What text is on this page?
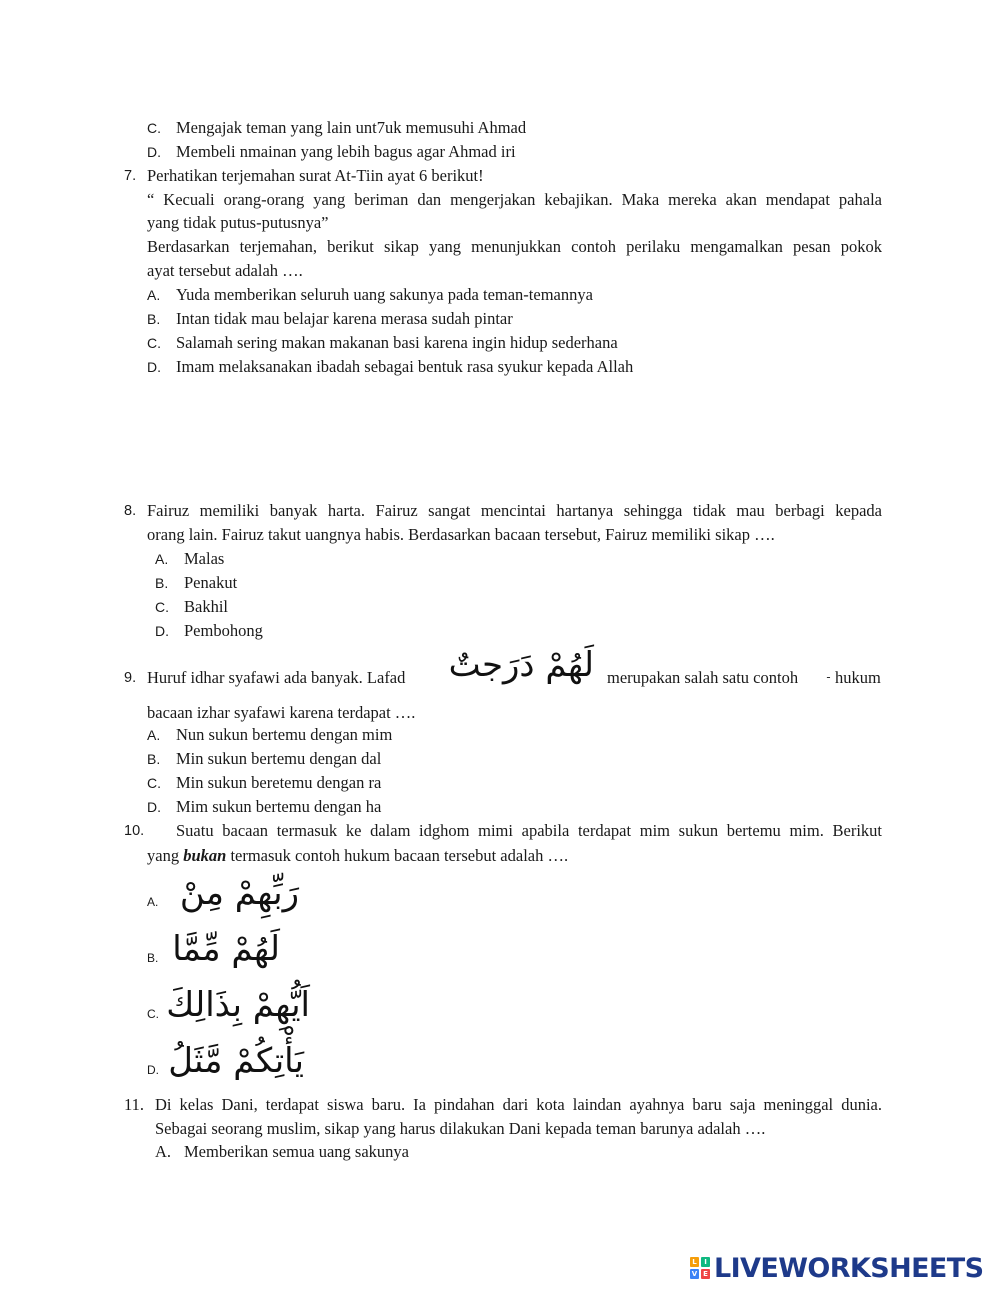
C. Mengajak teman yang lain unt7uk memusuhi Ahmad
D. Membeli nmainan yang lebih bagus agar Ahmad iri
7. Perhatikan terjemahan surat At-Tiin ayat 6 berikut!
“ Kecuali orang-orang yang beriman dan mengerjakan kebajikan. Maka mereka akan mendapat pahala
yang tidak putus-putusnya”
Berdasarkan terjemahan, berikut sikap yang menunjukkan contoh perilaku mengamalkan pesan pokok
ayat tersebut adalah ….
A. Yuda memberikan seluruh uang sakunya pada teman-temannya
B. Intan tidak mau belajar karena merasa sudah pintar
C. Salamah sering makan makanan basi karena ingin hidup sederhana
D. Imam melaksanakan ibadah sebagai bentuk rasa syukur kepada Allah
8. Fairuz memiliki banyak harta. Fairuz sangat mencintai hartanya sehingga tidak mau berbagi kepada
orang lain. Fairuz takut uangnya habis. Berdasarkan bacaan tersebut, Fairuz memiliki sikap ….
A. Malas
B. Penakut
C. Bakhil
D. Pembohong
9. Huruf idhar syafawi ada banyak. Lafad	لَهُمْ دَرَجتٌ merupakan salah satu contoh	ـ hukum
bacaan izhar syafawi karena terdapat ….
A. Nun sukun bertemu dengan mim
B. Min sukun bertemu dengan dal
C. Min sukun beretemu dengan ra
D. Mim sukun bertemu dengan ha
10. Suatu bacaan termasuk ke dalam idghom mimi apabila terdapat mim sukun bertemu mim. Berikut
yang bukan termasuk contoh hukum bacaan tersebut adalah ….
A. رَبِّهِمْ مِنْ
B. لَهُمْ مِّمَّا
C. اَيُّهِمْ بِذَالِكَ
D. يَأْتِكُمْ مَّثَلُ
11. Di kelas Dani, terdapat siswa baru. Ia pindahan dari kota laindan ayahnya baru saja meninggal dunia.
Sebagai seorang muslim, sikap yang harus dilakukan Dani kepada teman barunya adalah ….
A. Memberikan semua uang sakunya
L	I
V E LIVEWORKSHEETS
